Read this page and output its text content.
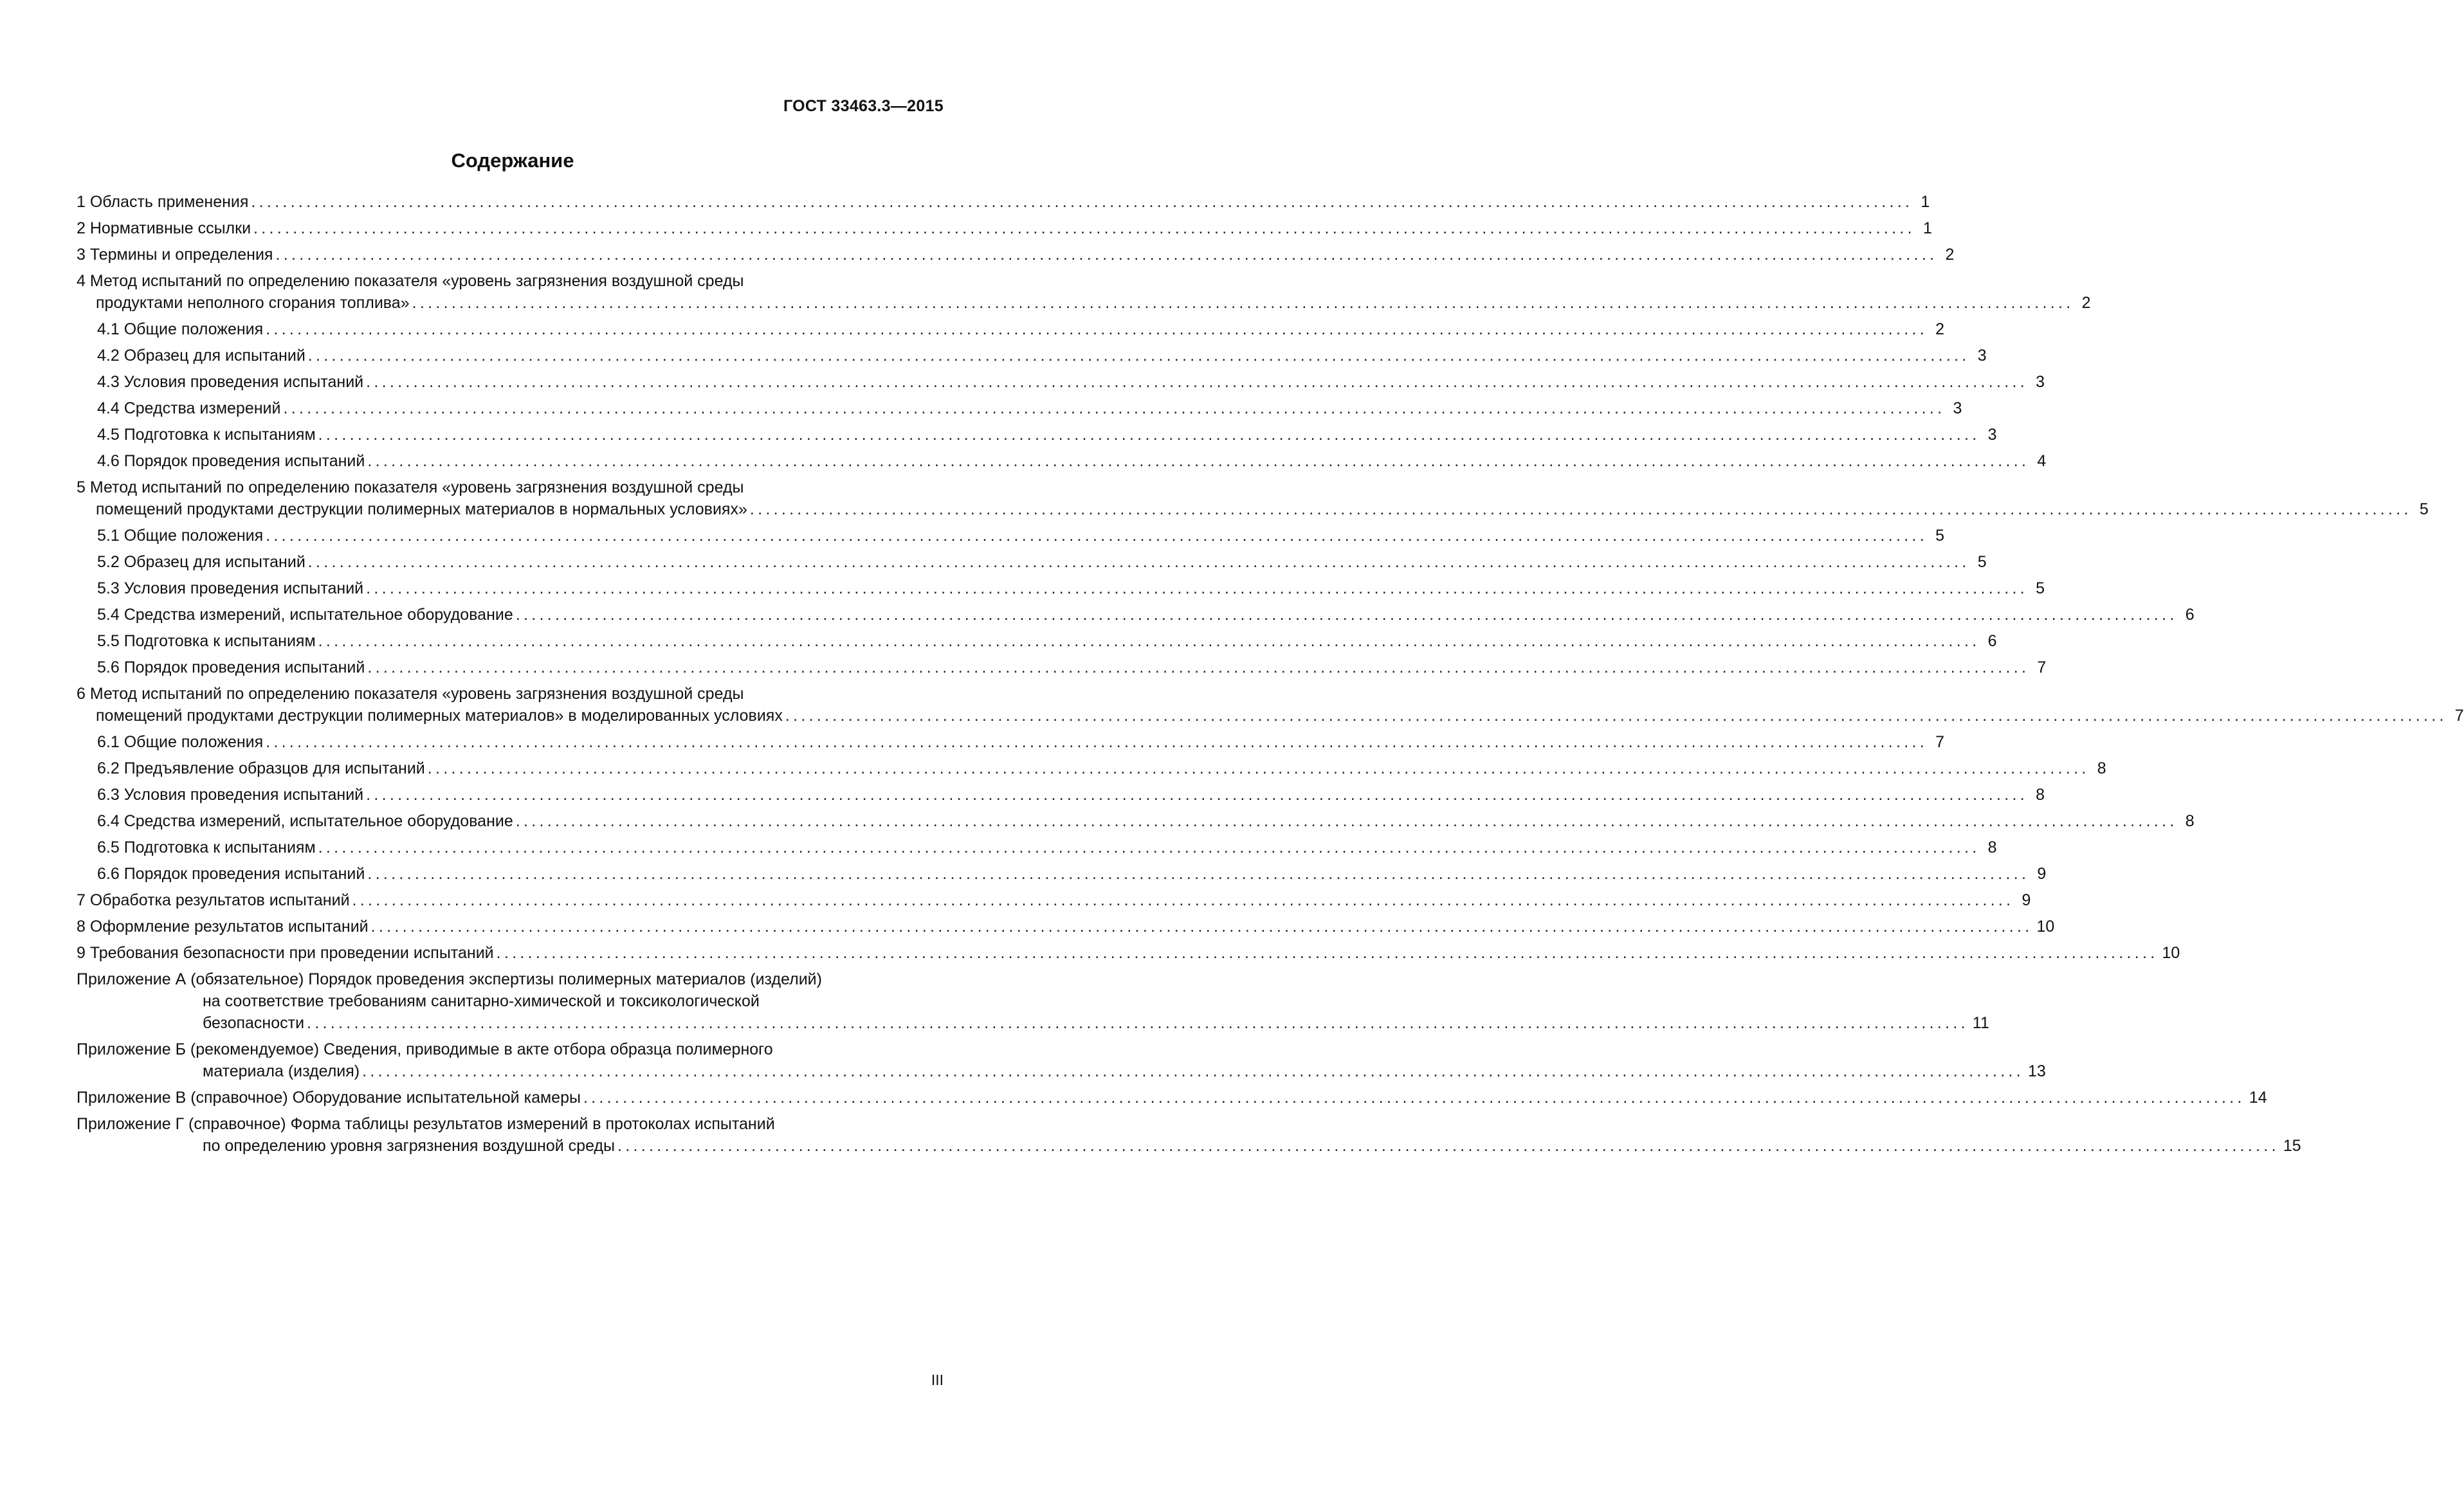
ГОСТ 33463.3—2015
Содержание
1 Область применения ................................................................................................................................................................................................................... 1
2 Нормативные ссылки ................................................................................................................................................................................................................... 1
3 Термины и определения ................................................................................................................................................................................................................... 2
4 Метод испытаний по определению показателя «уровень загрязнения воздушной среды
продуктами неполного сгорания топлива» ................................................................................................................................................................................................................... 2
4.1 Общие положения ................................................................................................................................................................................................................... 2
4.2 Образец для испытаний ................................................................................................................................................................................................................... 3
4.3 Условия проведения испытаний ................................................................................................................................................................................................................... 3
4.4 Средства измерений ................................................................................................................................................................................................................... 3
4.5 Подготовка к испытаниям ................................................................................................................................................................................................................... 3
4.6 Порядок проведения испытаний ................................................................................................................................................................................................................... 4
5 Метод испытаний по определению показателя «уровень загрязнения воздушной среды
помещений продуктами деструкции полимерных материалов в нормальных условиях» ................................................................................................................................................................................................................... 5
5.1 Общие положения ................................................................................................................................................................................................................... 5
5.2 Образец для испытаний ................................................................................................................................................................................................................... 5
5.3 Условия проведения испытаний ................................................................................................................................................................................................................... 5
5.4 Средства измерений, испытательное оборудование ................................................................................................................................................................................................................... 6
5.5 Подготовка к испытаниям ................................................................................................................................................................................................................... 6
5.6 Порядок проведения испытаний ................................................................................................................................................................................................................... 7
6 Метод испытаний по определению показателя «уровень загрязнения воздушной среды
помещений продуктами деструкции полимерных материалов» в моделированных условиях ................................................................................................................................................................................................................... 7
6.1 Общие положения ................................................................................................................................................................................................................... 7
6.2 Предъявление образцов для испытаний ................................................................................................................................................................................................................... 8
6.3 Условия проведения испытаний ................................................................................................................................................................................................................... 8
6.4 Средства измерений, испытательное оборудование ................................................................................................................................................................................................................... 8
6.5 Подготовка к испытаниям ................................................................................................................................................................................................................... 8
6.6 Порядок проведения испытаний ................................................................................................................................................................................................................... 9
7 Обработка результатов испытаний ................................................................................................................................................................................................................... 9
8 Оформление результатов испытаний ................................................................................................................................................................................................................... 10
9 Требования безопасности при проведении испытаний ................................................................................................................................................................................................................... 10
Приложение А (обязательное) Порядок проведения экспертизы полимерных материалов (изделий)
на соответствие требованиям санитарно-химической и токсикологической
безопасности ................................................................................................................................................................................................................... 11
Приложение Б (рекомендуемое) Сведения, приводимые в акте отбора образца полимерного
материала (изделия) ................................................................................................................................................................................................................... 13
Приложение В (справочное) Оборудование испытательной камеры ................................................................................................................................................................................................................... 14
Приложение Г (справочное) Форма таблицы результатов измерений в протоколах испытаний
по определению уровня загрязнения воздушной среды ................................................................................................................................................................................................................... 15
III
